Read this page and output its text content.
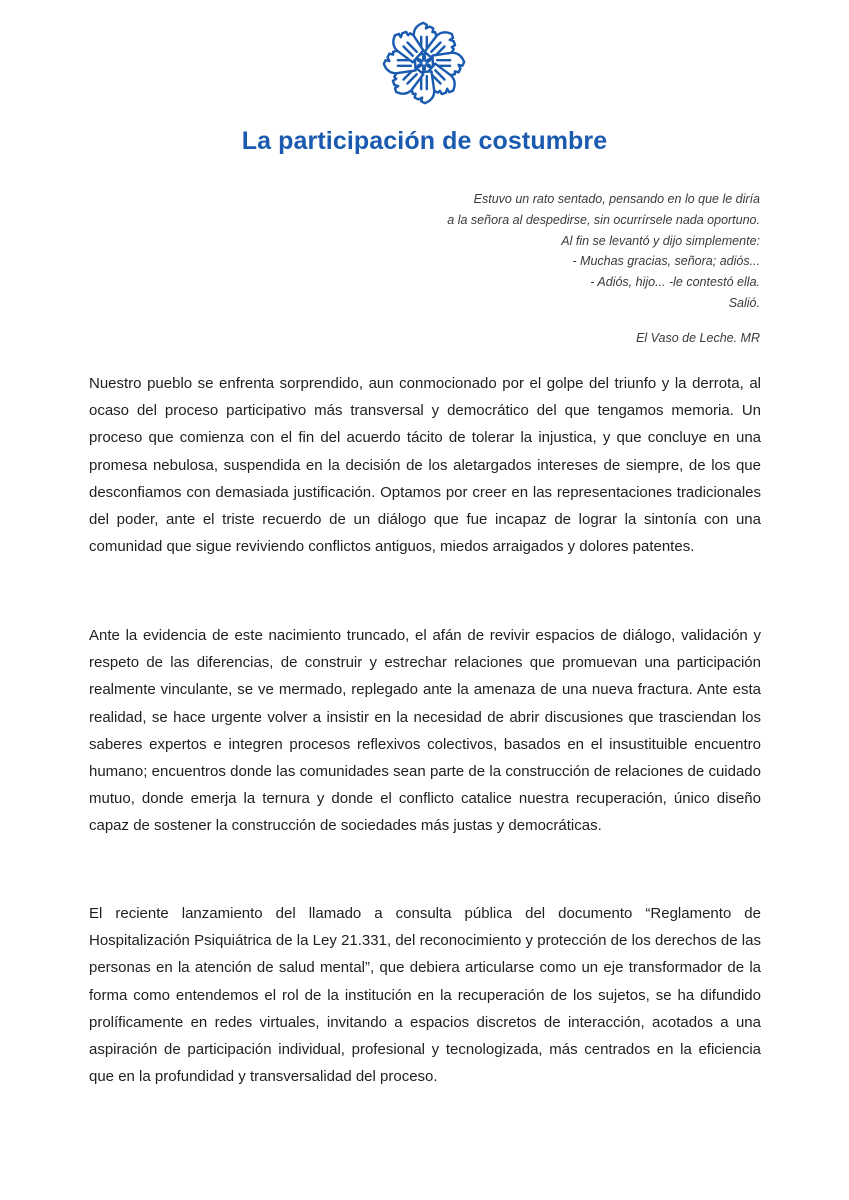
La participación de costumbre
Estuvo un rato sentado, pensando en lo que le diría
a la señora al despedirse, sin ocurrírsele nada oportuno.
Al fin se levantó y dijo simplemente:
- Muchas gracias, señora; adiós...
- Adiós, hijo... -le contestó ella.
Salió.
El Vaso de Leche. MR

Nuestro pueblo se enfrenta sorprendido, aun conmocionado por el golpe del triunfo y la derrota, al ocaso del proceso participativo más transversal y democrático del que tengamos memoria. Un proceso que comienza con el fin del acuerdo tácito de tolerar la injustica, y que concluye en una promesa nebulosa, suspendida en la decisión de los aletargados intereses de siempre, de los que desconfiamos con demasiada justificación. Optamos por creer en las representaciones tradicionales del poder, ante el triste recuerdo de un diálogo que fue incapaz de lograr la sintonía con una comunidad que sigue reviviendo conflictos antiguos, miedos arraigados y dolores patentes.

Ante la evidencia de este nacimiento truncado, el afán de revivir espacios de diálogo, validación y respeto de las diferencias, de construir y estrechar relaciones que promuevan una participación realmente vinculante, se ve mermado, replegado ante la amenaza de una nueva fractura. Ante esta realidad, se hace urgente volver a insistir en la necesidad de abrir discusiones que trasciendan los saberes expertos e integren procesos reflexivos colectivos, basados en el insustituible encuentro humano; encuentros donde las comunidades sean parte de la construcción de relaciones de cuidado mutuo, donde emerja la ternura y donde el conflicto catalice nuestra recuperación, único diseño capaz de sostener la construcción de sociedades más justas y democráticas.

El reciente lanzamiento del llamado a consulta pública del documento “Reglamento de Hospitalización Psiquiátrica de la Ley 21.331, del reconocimiento y protección de los derechos de las personas en la atención de salud mental”, que debiera articularse como un eje transformador de la forma como entendemos el rol de la institución en la recuperación de los sujetos, se ha difundido prolíficamente en redes virtuales, invitando a espacios discretos de interacción, acotados a una aspiración de participación individual, profesional y tecnologizada, más centrados en la eficiencia que en la profundidad y transversalidad del proceso.
